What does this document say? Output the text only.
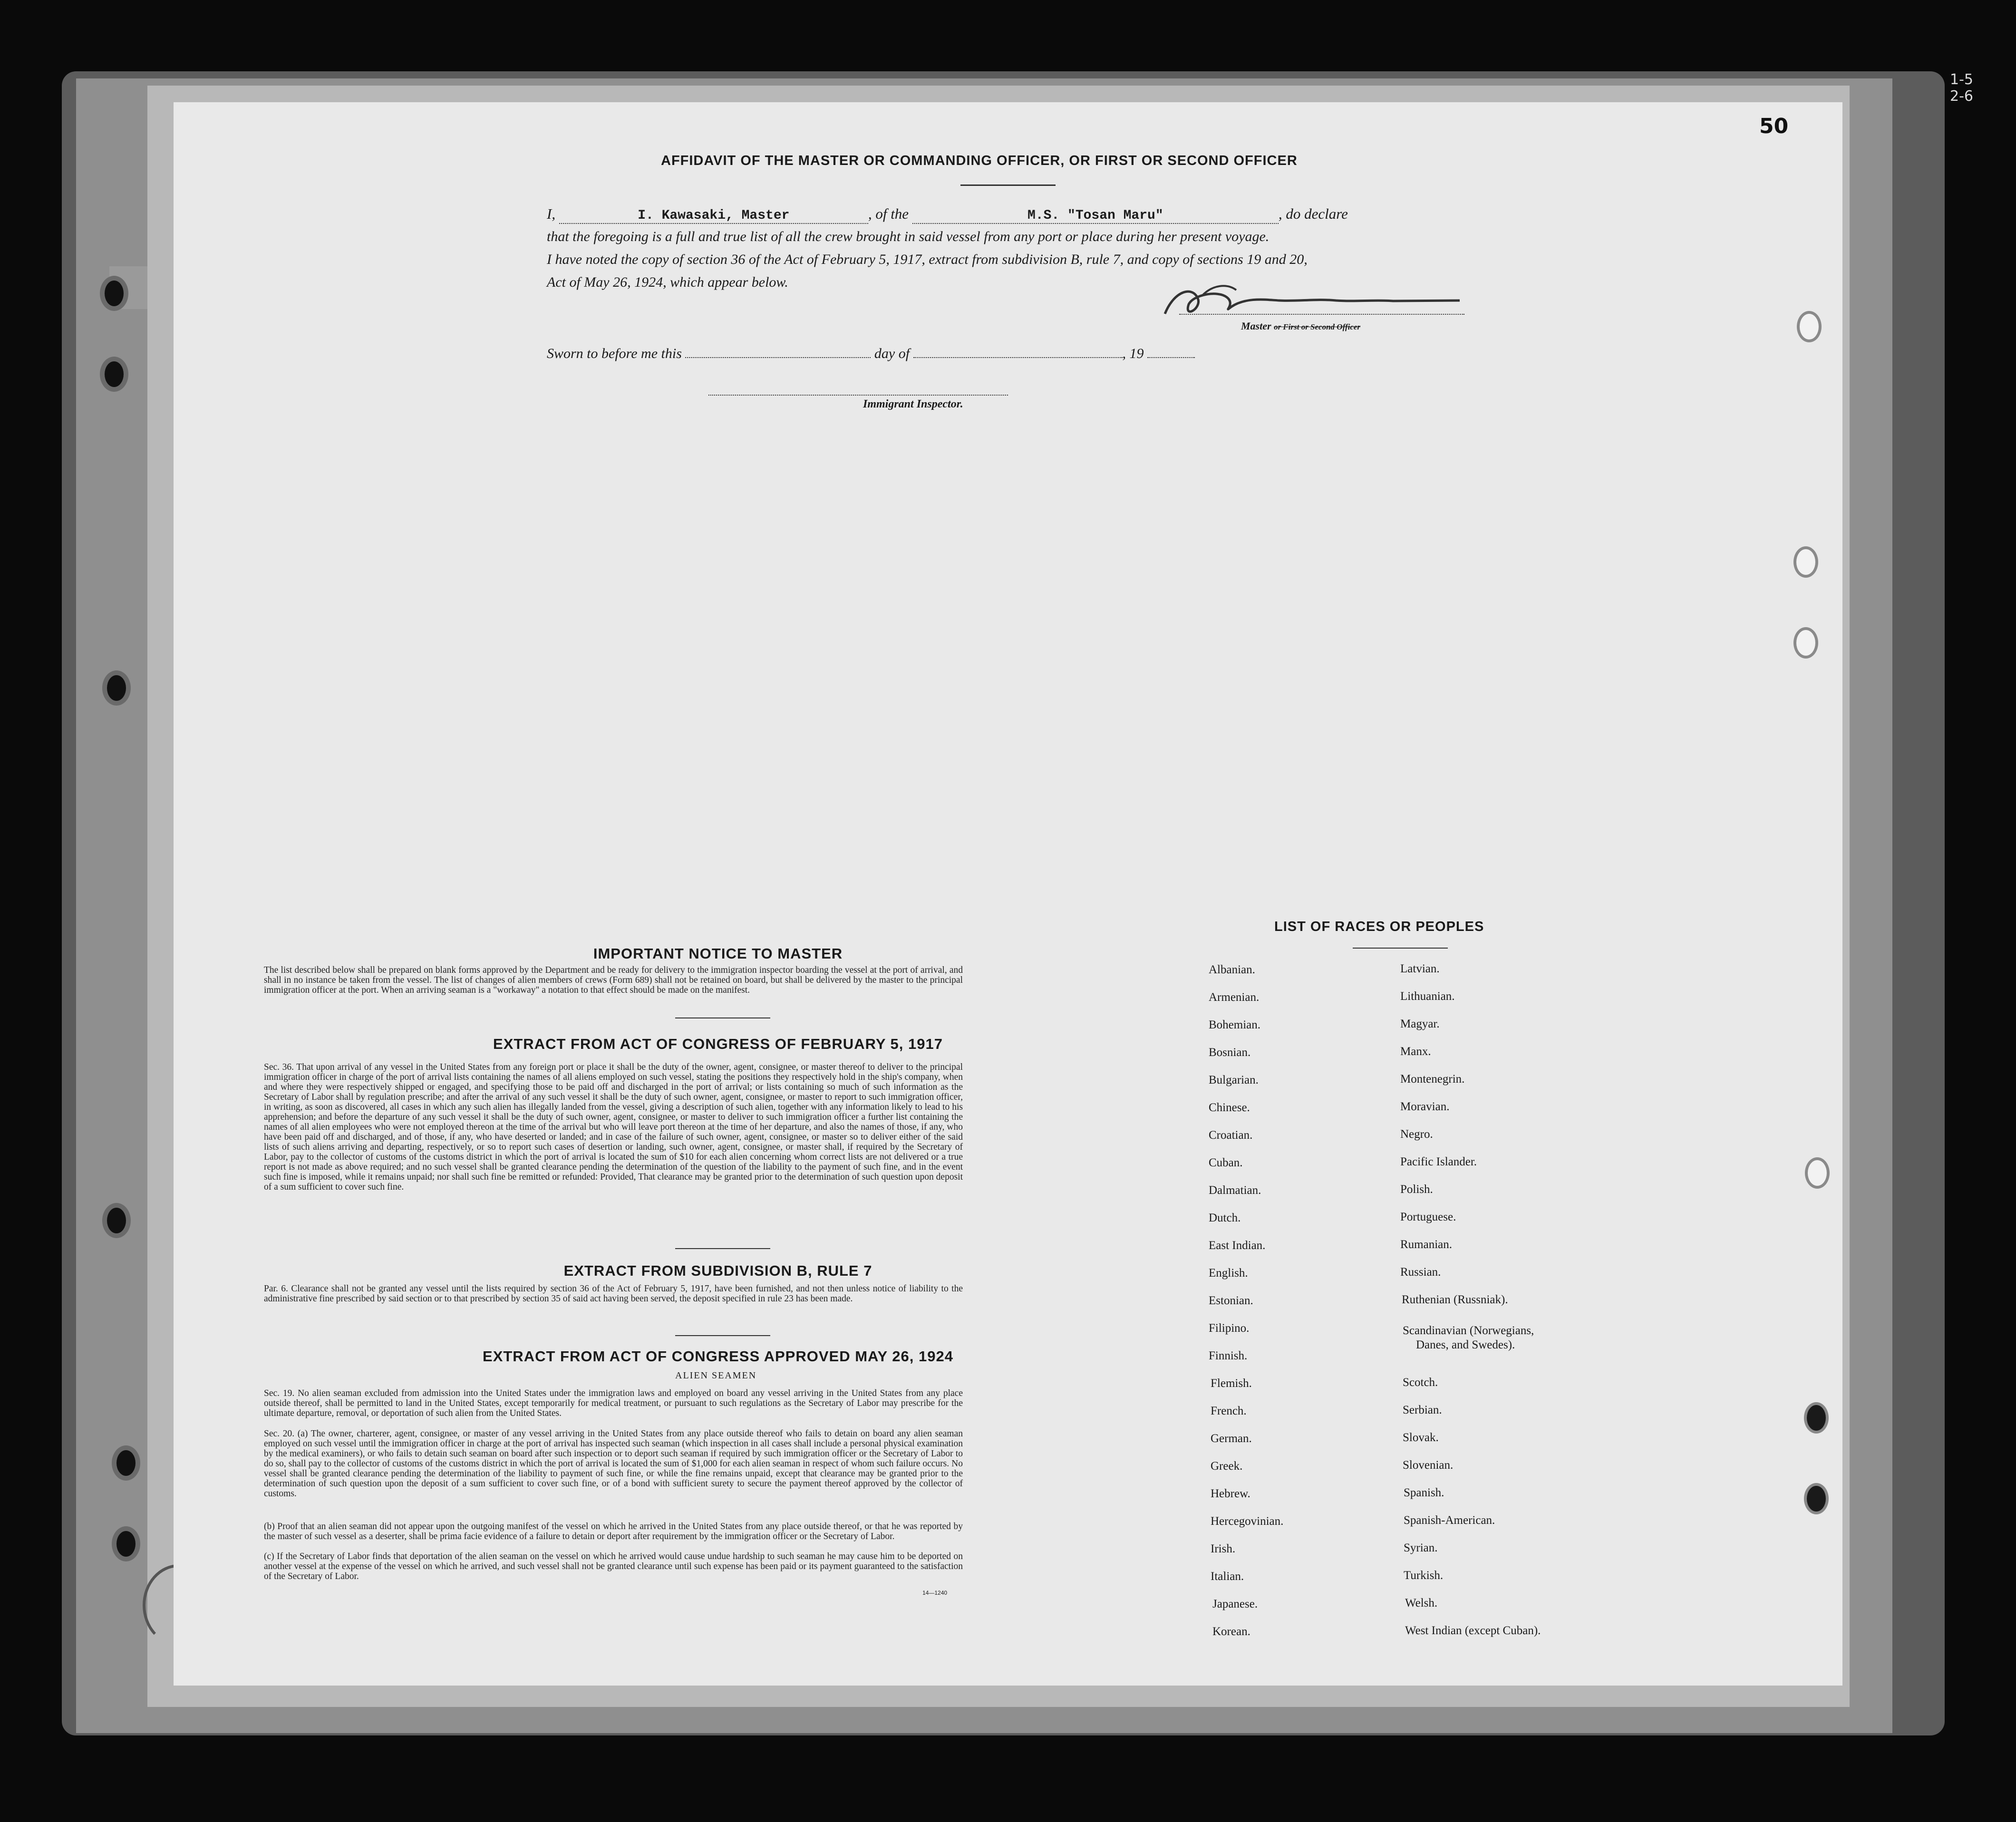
1-5
2-6
50
AFFIDAVIT OF THE MASTER OR COMMANDING OFFICER, OR FIRST OR SECOND OFFICER
I,	I. Kawasaki, Master	, of the	M.S. "Tosan Maru"	, do declare
that the foregoing is a full and true list of all the crew brought in said vessel from any port or place during her present voyage.
I have noted the copy of section 36 of the Act of February 5, 1917, extract from subdivision B, rule 7, and copy of sections 19 and 20,
Act of May 26, 1924, which appear below.
Master or First or Second Officer
Sworn to before me this	day of	, 19
Immigrant Inspector.
IMPORTANT NOTICE TO MASTER
The list described below shall be prepared on blank forms approved by the Department and be ready for delivery to the immigration inspector boarding the vessel at the port of arrival, and shall in no instance be taken from the vessel. The list of changes of alien members of crews (Form 689) shall not be retained on board, but shall be delivered by the master to the principal immigration officer at the port. When an arriving seaman is a "workaway" a notation to that effect should be made on the manifest.
EXTRACT FROM ACT OF CONGRESS OF FEBRUARY 5, 1917
Sec. 36. That upon arrival of any vessel in the United States from any foreign port or place it shall be the duty of the owner, agent, consignee, or master thereof to deliver to the principal immigration officer in charge of the port of arrival lists containing the names of all aliens employed on such vessel, stating the positions they respectively hold in the ship's company, when and where they were respectively shipped or engaged, and specifying those to be paid off and discharged in the port of arrival; or lists containing so much of such information as the Secretary of Labor shall by regulation prescribe; and after the arrival of any such vessel it shall be the duty of such owner, agent, consignee, or master to report to such immigration officer, in writing, as soon as discovered, all cases in which any such alien has illegally landed from the vessel, giving a description of such alien, together with any information likely to lead to his apprehension; and before the departure of any such vessel it shall be the duty of such owner, agent, consignee, or master to deliver to such immigration officer a further list containing the names of all alien employees who were not employed thereon at the time of the arrival but who will leave port thereon at the time of her departure, and also the names of those, if any, who have been paid off and discharged, and of those, if any, who have deserted or landed; and in case of the failure of such owner, agent, consignee, or master so to deliver either of the said lists of such aliens arriving and departing, respectively, or so to report such cases of desertion or landing, such owner, agent, consignee, or master shall, if required by the Secretary of Labor, pay to the collector of customs of the customs district in which the port of arrival is located the sum of $10 for each alien concerning whom correct lists are not delivered or a true report is not made as above required; and no such vessel shall be granted clearance pending the determination of the question of the liability to the payment of such fine, and in the event such fine is imposed, while it remains unpaid; nor shall such fine be remitted or refunded: Provided, That clearance may be granted prior to the determination of such question upon deposit of a sum sufficient to cover such fine.
EXTRACT FROM SUBDIVISION B, RULE 7
Par. 6. Clearance shall not be granted any vessel until the lists required by section 36 of the Act of February 5, 1917, have been furnished, and not then unless notice of liability to the administrative fine prescribed by said section or to that prescribed by section 35 of said act having been served, the deposit specified in rule 23 has been made.
EXTRACT FROM ACT OF CONGRESS APPROVED MAY 26, 1924
ALIEN SEAMEN
Sec. 19. No alien seaman excluded from admission into the United States under the immigration laws and employed on board any vessel arriving in the United States from any place outside thereof, shall be permitted to land in the United States, except temporarily for medical treatment, or pursuant to such regulations as the Secretary of Labor may prescribe for the ultimate departure, removal, or deportation of such alien from the United States.
Sec. 20. (a) The owner, charterer, agent, consignee, or master of any vessel arriving in the United States from any place outside thereof who fails to detain on board any alien seaman employed on such vessel until the immigration officer in charge at the port of arrival has inspected such seaman (which inspection in all cases shall include a personal physical examination by the medical examiners), or who fails to detain such seaman on board after such inspection or to deport such seaman if required by such immigration officer or the Secretary of Labor to do so, shall pay to the collector of customs of the customs district in which the port of arrival is located the sum of $1,000 for each alien seaman in respect of whom such failure occurs. No vessel shall be granted clearance pending the determination of the liability to payment of such fine, or while the fine remains unpaid, except that clearance may be granted prior to the determination of such question upon the deposit of a sum sufficient to cover such fine, or of a bond with sufficient surety to secure the payment thereof approved by the collector of customs.
(b) Proof that an alien seaman did not appear upon the outgoing manifest of the vessel on which he arrived in the United States from any place outside thereof, or that he was reported by the master of such vessel as a deserter, shall be prima facie evidence of a failure to detain or deport after requirement by the immigration officer or the Secretary of Labor.
(c) If the Secretary of Labor finds that deportation of the alien seaman on the vessel on which he arrived would cause undue hardship to such seaman he may cause him to be deported on another vessel at the expense of the vessel on which he arrived, and such vessel shall not be granted clearance until such expense has been paid or its payment guaranteed to the satisfaction of the Secretary of Labor.
14—1240
LIST OF RACES OR PEOPLES
Albanian.
Armenian.
Bohemian.
Bosnian.
Bulgarian.
Chinese.
Croatian.
Cuban.
Dalmatian.
Dutch.
East Indian.
English.
Estonian.
Filipino.
Finnish.
Flemish.
French.
German.
Greek.
Hebrew.
Hercegovinian.
Irish.
Italian.
Japanese.
Korean.
Latvian.
Lithuanian.
Magyar.
Manx.
Montenegrin.
Moravian.
Negro.
Pacific Islander.
Polish.
Portuguese.
Rumanian.
Russian.
Ruthenian (Russniak).
Scandinavian (Norwegians,
Danes, and Swedes).
Scotch.
Serbian.
Slovak.
Slovenian.
Spanish.
Spanish-American.
Syrian.
Turkish.
Welsh.
West Indian (except Cuban).
